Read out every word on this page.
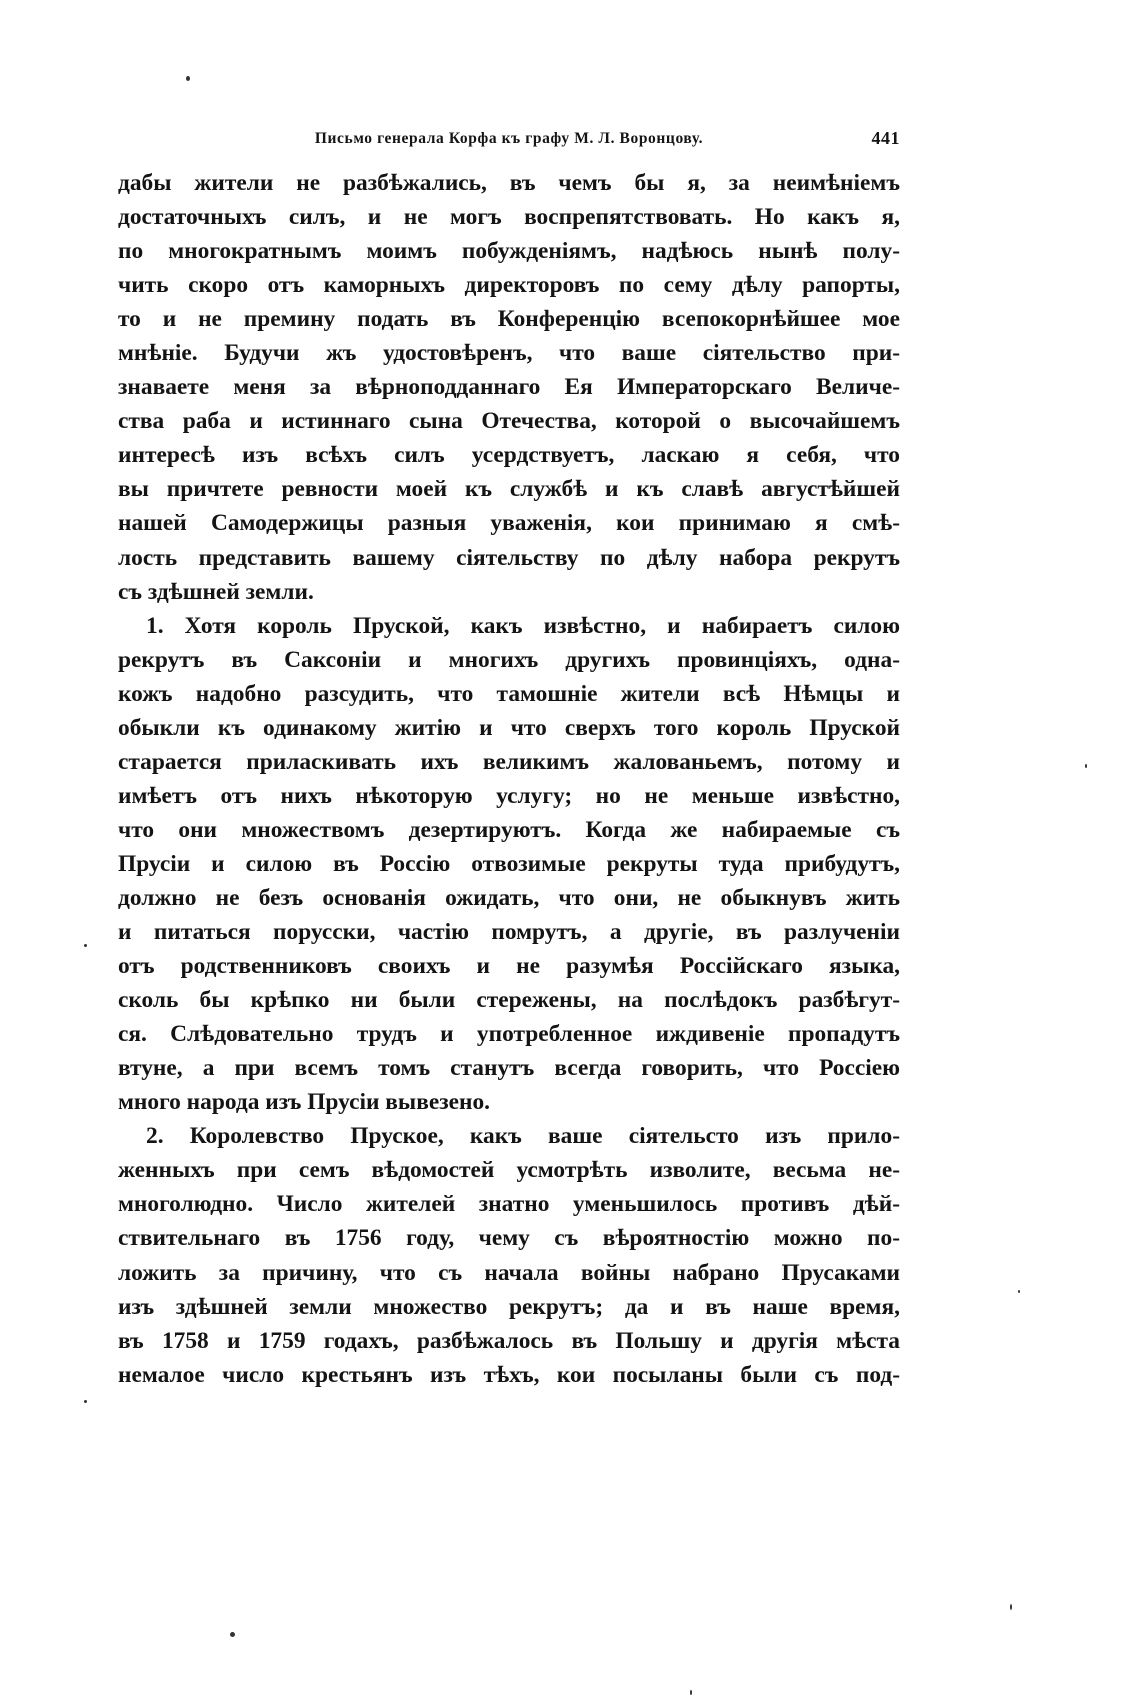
Письмо генерала Корфа къ графу М. Л. Воронцову.	441
дабы жители не разбѣжались, въ чемъ бы я, за неимѣніемъ
достаточныхъ силъ, и не могъ воспрепятствовать. Но какъ я,
по многократнымъ моимъ побужденіямъ, надѣюсь нынѣ полу-
чить скоро отъ каморныхъ директоровъ по сему дѣлу рапорты,
то и не премину подать въ Конференцію всепокорнѣйшее мое
мнѣніе. Будучи жъ удостовѣренъ, что ваше сіятельство при-
знаваете меня за вѣрноподданнаго Ея Императорскаго Величе-
ства раба и истиннаго сына Отечества, которой о высочайшемъ
интересѣ изъ всѣхъ силъ усердствуетъ, ласкаю я себя, что
вы причтете ревности моей къ службѣ и къ славѣ августѣйшей
нашей Самодержицы разныя уваженія, кои принимаю я смѣ-
лость представить вашему сіятельству по дѣлу набора рекрутъ
съ здѣшней земли.
1. Хотя король Пруской, какъ извѣстно, и набираетъ силою
рекрутъ въ Саксоніи и многихъ другихъ провинціяхъ, одна-
кожъ надобно разсудить, что тамошніе жители всѣ Нѣмцы и
обыкли къ одинакому житію и что сверхъ того король Пруской
старается приласкивать ихъ великимъ жалованьемъ, потому и
имѣетъ отъ нихъ нѣкоторую услугу; но не меньше извѣстно,
что они множествомъ дезертируютъ. Когда же набираемые съ
Прусіи и силою въ Россію отвозимые рекруты туда прибудутъ,
должно не безъ основанія ожидать, что они, не обыкнувъ жить
и питаться порусски, частію помрутъ, а другіе, въ разлученіи
отъ родственниковъ своихъ и не разумѣя Россійскаго языка,
сколь бы крѣпко ни были стережены, на послѣдокъ разбѣгут-
ся. Слѣдовательно трудъ и употребленное иждивеніе пропадутъ
втуне, а при всемъ томъ станутъ всегда говорить, что Россіею
много народа изъ Прусіи вывезено.
2. Королевство Пруское, какъ ваше сіятельсто изъ прило-
женныхъ при семъ вѣдомостей усмотрѣть изволите, весьма не-
многолюдно. Число жителей знатно уменьшилось противъ дѣй-
ствительнаго въ 1756 году, чему съ вѣроятностію можно по-
ложить за причину, что съ начала войны набрано Прусаками
изъ здѣшней земли множество рекрутъ; да и въ наше время,
въ 1758 и 1759 годахъ, разбѣжалось въ Польшу и другія мѣста
немалое число крестьянъ изъ тѣхъ, кои посыланы были съ под-
